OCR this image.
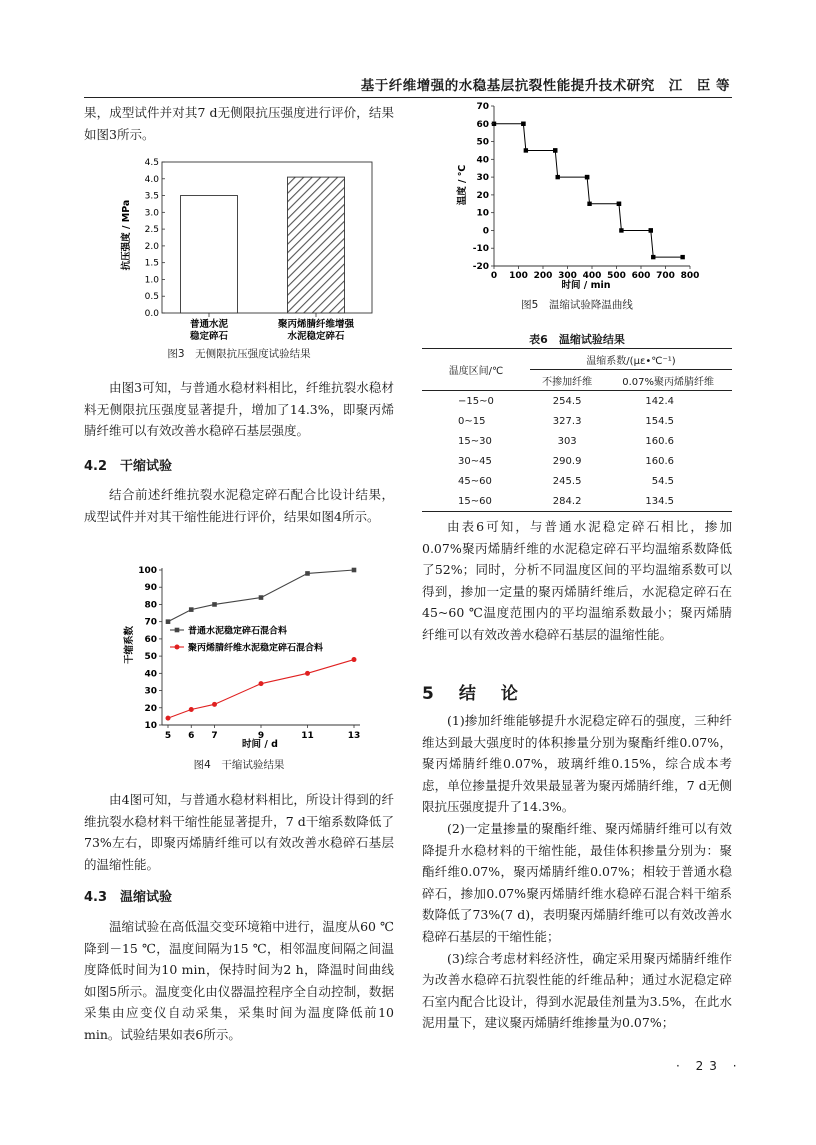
基于纤维增强的水稳基层抗裂性能提升技术研究　江　臣 等

果，成型试件并对其7 d无侧限抗压强度进行评价，结果如图3所示。

0.0
0.5
1.0
1.5
2.0
2.5
3.0
3.5
4.0
4.5
普通水泥
稳定碎石
聚丙烯腈纤维增强
水泥稳定碎石
抗压强度 / MPa
图3　无侧限抗压强度试验结果

由图3可知，与普通水稳材料相比，纤维抗裂水稳材料无侧限抗压强度显著提升，增加了14.3%，即聚丙烯腈纤维可以有效改善水稳碎石基层强度。

4.2　干缩试验

结合前述纤维抗裂水泥稳定碎石配合比设计结果，成型试件并对其干缩性能进行评价，结果如图4所示。

10
20
30
40
50
60
70
80
90
100
5 6 7	9	11	13
普通水泥稳定碎石混合料
聚丙烯腈纤维水泥稳定碎石混合料
干缩系数
时间 / d
图4　干缩试验结果

由4图可知，与普通水稳材料相比，所设计得到的纤维抗裂水稳材料干缩性能显著提升，7 d干缩系数降低了73%左右，即聚丙烯腈纤维可以有效改善水稳碎石基层的温缩性能。

4.3　温缩试验

温缩试验在高低温交变环境箱中进行，温度从60 ℃降到－15 ℃，温度间隔为15 ℃，相邻温度间隔之间温度降低时间为10 min，保持时间为2 h，降温时间曲线如图5所示。温度变化由仪器温控程序全自动控制，数据采集由应变仪自动采集，采集时间为温度降低前10 min。试验结果如表6所示。

-20
-10
0
10
20
30
40
50
60
70
0 100 200 300 400 500 600 700 800
温度 / ℃
时间 / min
图5　温缩试验降温曲线
表6　温缩试验结果
温度区间/℃	温缩系数/(με•℃⁻¹)	
	不掺加纤维	0.07%聚丙烯腈纤维
−15~0	254.5	142.4
0~15	327.3	154.5
15~30	303	160.6
30~45	290.9	160.6
45~60	245.5	54.5
15~60	284.2	134.5

由表6可知，与普通水泥稳定碎石相比，掺加0.07%聚丙烯腈纤维的水泥稳定碎石平均温缩系数降低了52%；同时，分析不同温度区间的平均温缩系数可以得到，掺加一定量的聚丙烯腈纤维后，水泥稳定碎石在45~60 ℃温度范围内的平均温缩系数最小；聚丙烯腈纤维可以有效改善水稳碎石基层的温缩性能。

5　结　论

(1)掺加纤维能够提升水泥稳定碎石的强度，三种纤维达到最大强度时的体积掺量分别为聚酯纤维0.07%，聚丙烯腈纤维0.07%，玻璃纤维0.15%，综合成本考虑，单位掺量提升效果最显著为聚丙烯腈纤维，7 d无侧限抗压强度提升了14.3%。

(2)一定量掺量的聚酯纤维、聚丙烯腈纤维可以有效降提升水稳材料的干缩性能，最佳体积掺量分别为：聚酯纤维0.07%，聚丙烯腈纤维0.07%；相较于普通水稳碎石，掺加0.07%聚丙烯腈纤维水稳碎石混合料干缩系数降低了73%(7 d)，表明聚丙烯腈纤维可以有效改善水稳碎石基层的干缩性能；

(3)综合考虑材料经济性，确定采用聚丙烯腈纤维作为改善水稳碎石抗裂性能的纤维品种；通过水泥稳定碎石室内配合比设计，得到水泥最佳剂量为3.5%，在此水泥用量下，建议聚丙烯腈纤维掺量为0.07%；

· 23 ·
